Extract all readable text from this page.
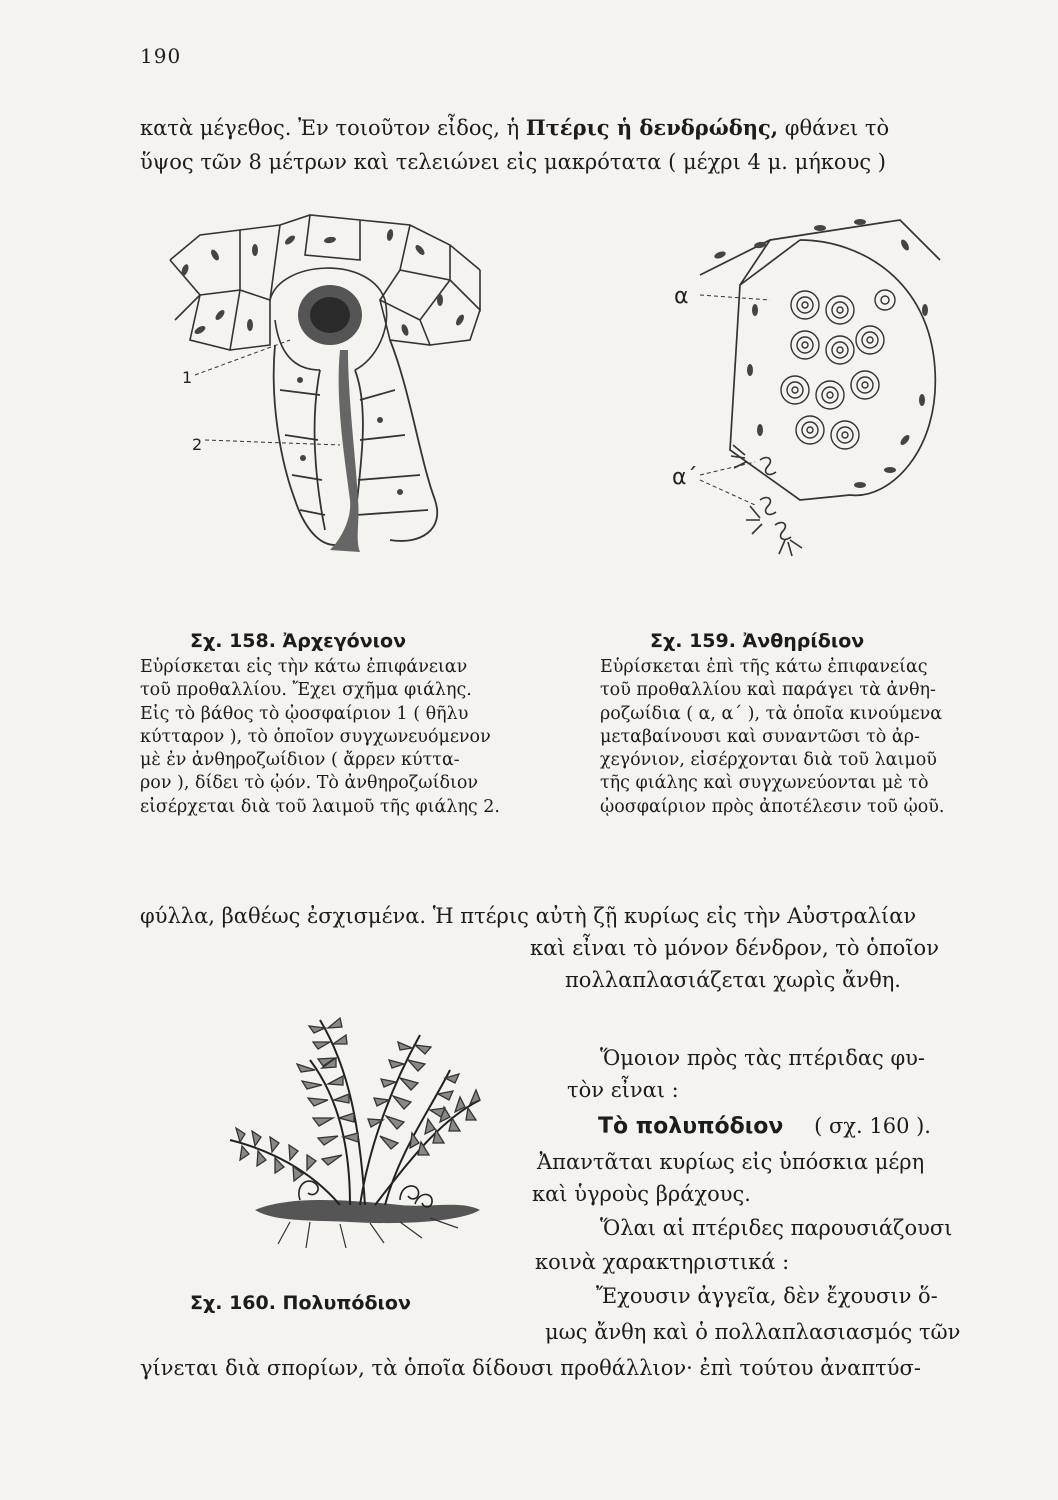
190
κατὰ μέγεθος. Ἐν τοιοῦτον εἶδος, ἡ Πτέρις ἡ δενδρώδης, φθάνει τὸ
ὕψος τῶν 8 μέτρων καὶ τελειώνει εἰς μακρότατα ( μέχρι 4 μ. μήκους )
1
2
α
α΄
Σχ. 158. Ἀρχεγόνιον
Εὑρίσκεται εἰς τὴν κάτω ἐπιφάνειαν
τοῦ προθαλλίου. Ἔχει σχῆμα φιάλης.
Εἰς τὸ βάθος τὸ ᾠοσφαίριον 1 ( θῆλυ
κύτταρον ), τὸ ὁποῖον συγχωνευόμενον
μὲ ἐν ἀνθηροζωίδιον ( ἄρρεν κύττα-
ρον ), δίδει τὸ ᾠόν. Τὸ ἀνθηροζωίδιον
εἰσέρχεται διὰ τοῦ λαιμοῦ τῆς φιάλης 2.
Σχ. 159. Ἀνθηρίδιον
Εὑρίσκεται ἐπὶ τῆς κάτω ἐπιφανείας
τοῦ προθαλλίου καὶ παράγει τὰ ἀνθη-
ροζωίδια ( α, α΄ ), τὰ ὁποῖα κινούμενα
μεταβαίνουσι καὶ συναντῶσι τὸ ἀρ-
χεγόνιον, εἰσέρχονται διὰ τοῦ λαιμοῦ
τῆς φιάλης καὶ συγχωνεύονται μὲ τὸ
ᾠοσφαίριον πρὸς ἀποτέλεσιν τοῦ ᾠοῦ.
φύλλα, βαθέως ἐσχισμένα. Ἡ πτέρις αὐτὴ ζῇ κυρίως εἰς τὴν Αὐστραλίαν
καὶ εἶναι τὸ μόνον δένδρον, τὸ ὁποῖον
πολλαπλασιάζεται χωρὶς ἄνθη.
Ὅμοιον πρὸς τὰς πτέριδας φυ-
τὸν εἶναι :
Τὸ πολυπόδιον ( σχ. 160 ).
Ἀπαντᾶται κυρίως εἰς ὑπόσκια μέρη
καὶ ὑγροὺς βράχους.
Ὅλαι αἱ πτέριδες παρουσιάζουσι
κοινὰ χαρακτηριστικά :
Ἔχουσιν ἀγγεῖα, δὲν ἔχουσιν ὅ-
μως ἄνθη καὶ ὁ πολλαπλασιασμός τῶν
Σχ. 160. Πολυπόδιον
γίνεται διὰ σπορίων, τὰ ὁποῖα δίδουσι προθάλλιον· ἐπὶ τούτου ἀναπτύσ-
